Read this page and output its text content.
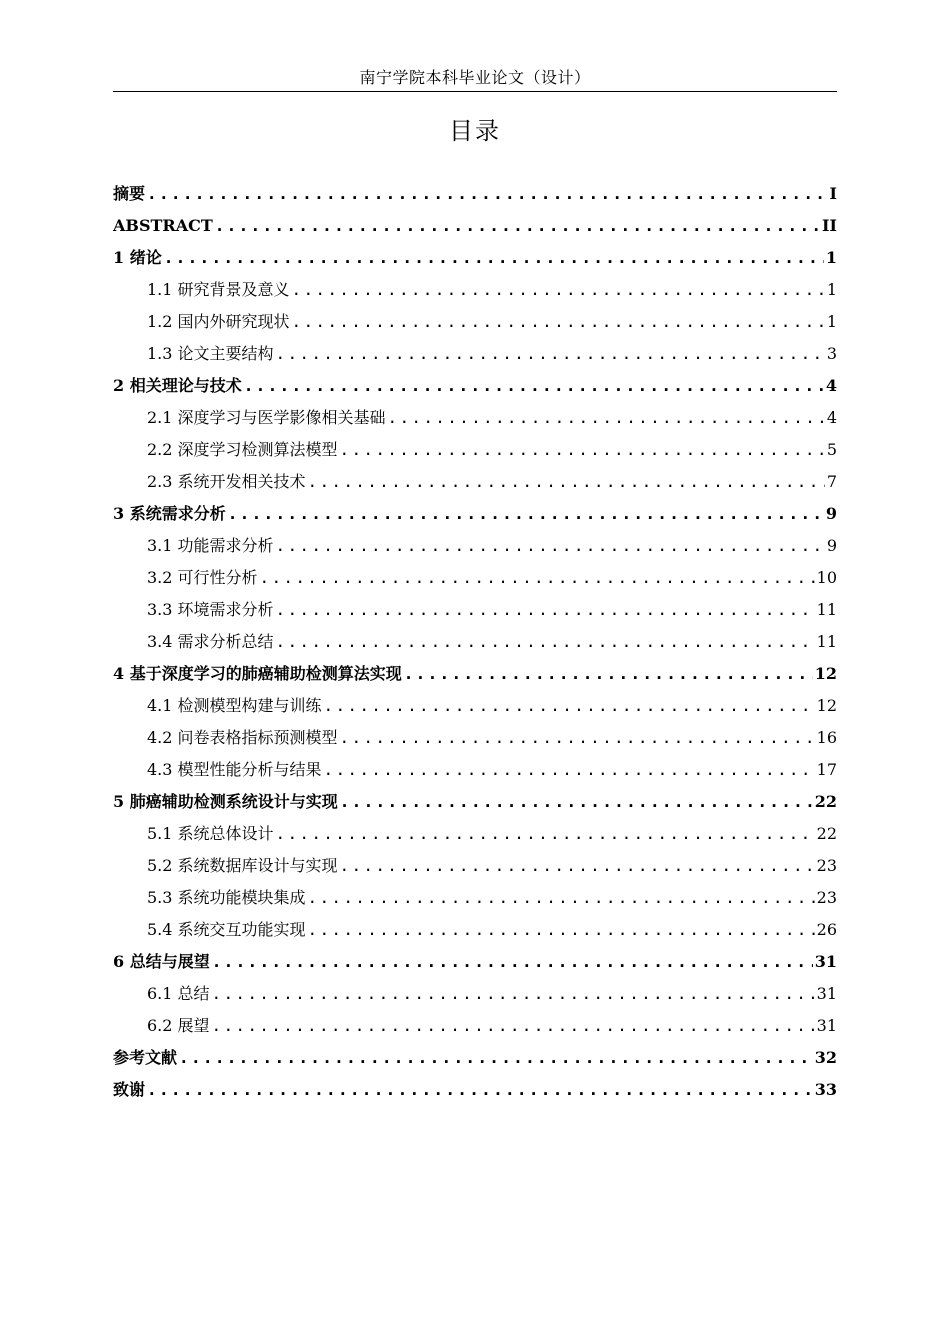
南宁学院本科毕业论文（设计）
目录
摘要 .....	I
ABSTRACT .....	II
1 绪论 .....	1
1.1 研究背景及意义 .....	1
1.2 国内外研究现状 .....	1
1.3 论文主要结构 .....	3
2 相关理论与技术 .....	4
2.1 深度学习与医学影像相关基础 .....	4
2.2 深度学习检测算法模型 .....	5
2.3 系统开发相关技术 .....	7
3 系统需求分析 .....	9
3.1 功能需求分析 .....	9
3.2 可行性分析 .....	10
3.3 环境需求分析 .....	11
3.4 需求分析总结 .....	11
4 基于深度学习的肺癌辅助检测算法实现 .....	12
4.1 检测模型构建与训练 .....	12
4.2 问卷表格指标预测模型 .....	16
4.3 模型性能分析与结果 .....	17
5 肺癌辅助检测系统设计与实现 .....	22
5.1 系统总体设计 .....	22
5.2 系统数据库设计与实现 .....	23
5.3 系统功能模块集成 .....	23
5.4 系统交互功能实现 .....	26
6 总结与展望 .....	31
6.1 总结 .....	31
6.2 展望 .....	31
参考文献 .....	32
致谢 .....	33
